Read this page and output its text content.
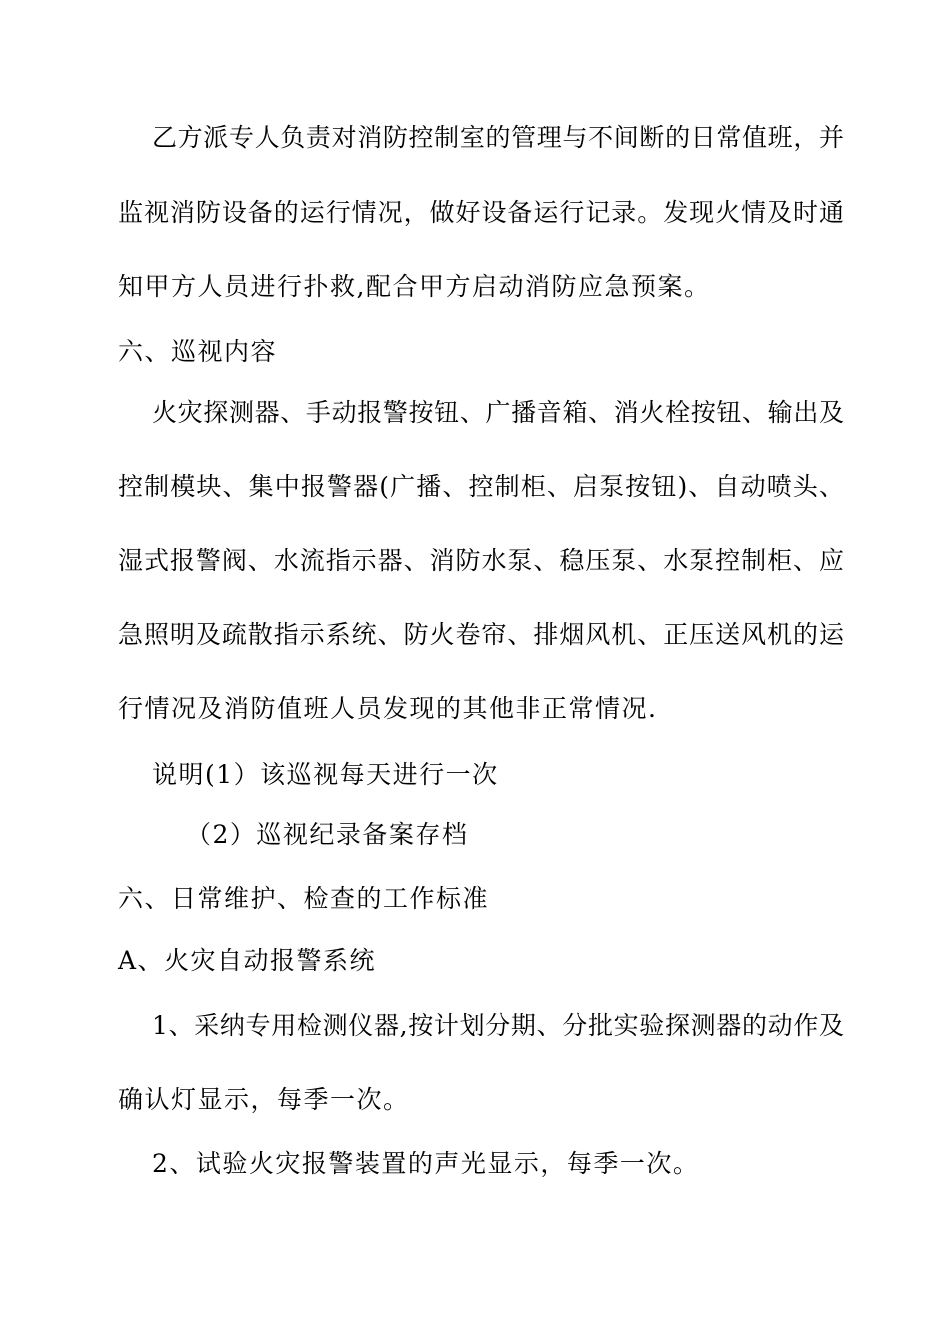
乙方派专人负责对消防控制室的管理与不间断的日常值班，并
监视消防设备的运行情况，做好设备运行记录。发现火情及时通
知甲方人员进行扑救,配合甲方启动消防应急预案。
六、巡视内容
火灾探测器、手动报警按钮、广播音箱、消火栓按钮、输出及
控制模块、集中报警器(广播、控制柜、启泵按钮)、自动喷头、
湿式报警阀、水流指示器、消防水泵、稳压泵、水泵控制柜、应
急照明及疏散指示系统、防火卷帘、排烟风机、正压送风机的运
行情况及消防值班人员发现的其他非正常情况.
说明(1）该巡视每天进行一次
（2）巡视纪录备案存档
六、日常维护、检查的工作标准
A、火灾自动报警系统
1、采纳专用检测仪器,按计划分期、分批实验探测器的动作及
确认灯显示，每季一次。
2、试验火灾报警装置的声光显示，每季一次。
